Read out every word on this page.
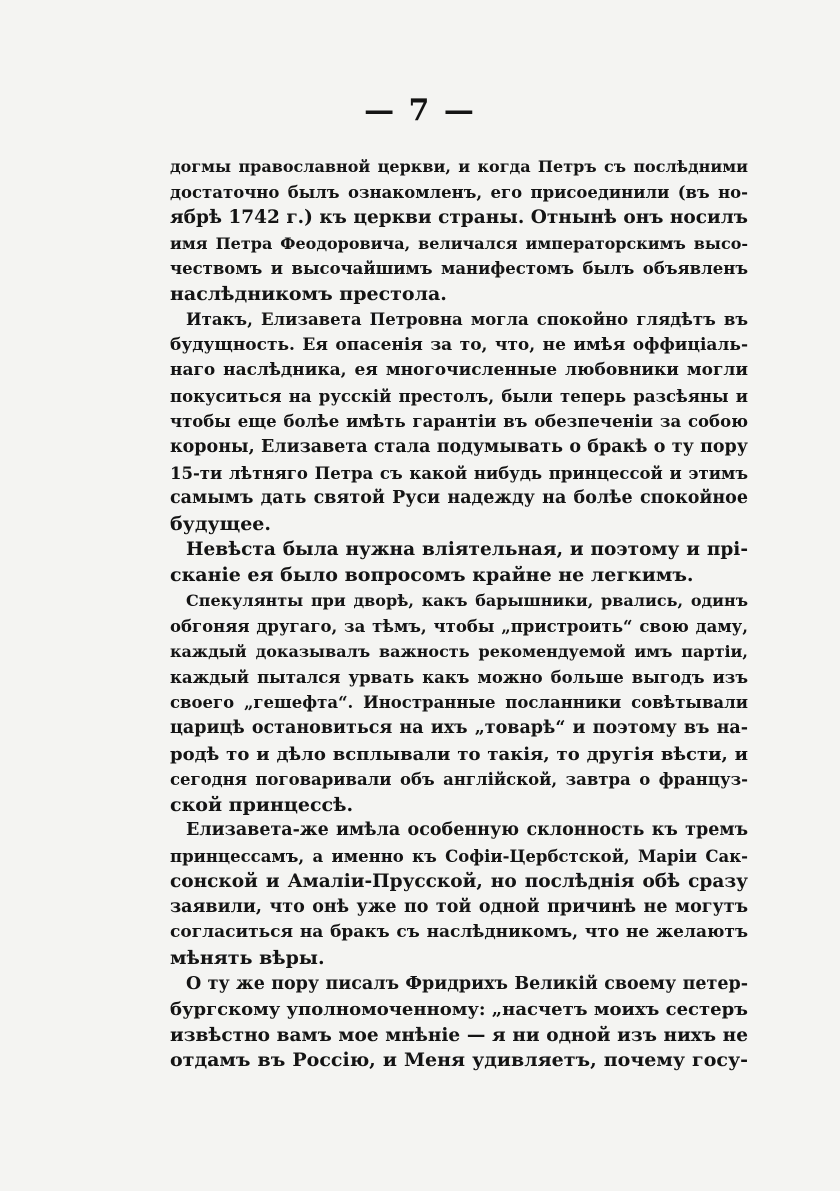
— 7 —
догмы православной церкви, и когда Петръ съ послѣдними
достаточно былъ ознакомленъ, его присоединили (въ но-
ябрѣ 1742 г.) къ церкви страны. Отнынѣ онъ носилъ
имя Петра Феодоровича, величался императорскимъ высо-
чествомъ и высочайшимъ манифестомъ былъ объявленъ
наслѣдникомъ престола.
Итакъ, Елизавета Петровна могла спокойно глядѣтъ въ
будущность. Ея опасенія за то, что, не имѣя оффиціаль-
наго наслѣдника, ея многочисленные любовники могли
покуситься на русскій престолъ, были теперь разсѣяны и
чтобы еще болѣе имѣть гарантіи въ обезпеченіи за собою
короны, Елизавета стала подумывать о бракѣ о ту пору
15-ти лѣтняго Петра съ какой нибудь принцессой и этимъ
самымъ дать святой Руси надежду на болѣе спокойное
будущее.
Невѣста была нужна вліятельная, и поэтому и прі-
сканіе ея было вопросомъ крайне не легкимъ.
Спекулянты при дворѣ, какъ барышники, рвались, одинъ
обгоняя другаго, за тѣмъ, чтобы „пристроить“ свою даму,
каждый доказывалъ важность рекомендуемой имъ партіи,
каждый пытался урвать какъ можно больше выгодъ изъ
своего „гешефта“. Иностранные посланники совѣтывали
царицѣ остановиться на ихъ „товарѣ“ и поэтому въ на-
родѣ то и дѣло всплывали то такія, то другія вѣсти, и
сегодня поговаривали объ англійской, завтра о француз-
ской принцессѣ.
Елизавета-же имѣла особенную склонность къ тремъ
принцессамъ, а именно къ Софіи-Цербстской, Маріи Сак-
сонской и Амаліи-Прусской, но послѣднія обѣ сразу
заявили, что онѣ уже по той одной причинѣ не могутъ
согласиться на бракъ съ наслѣдникомъ, что не желаютъ
мѣнять вѣры.
О ту же пору писалъ Фридрихъ Великій своему петер-
бургскому уполномоченному: „насчетъ моихъ сестеръ
извѣстно вамъ мое мнѣніе — я ни одной изъ нихъ не
отдамъ въ Россію, и Меня удивляетъ, почему госу-
